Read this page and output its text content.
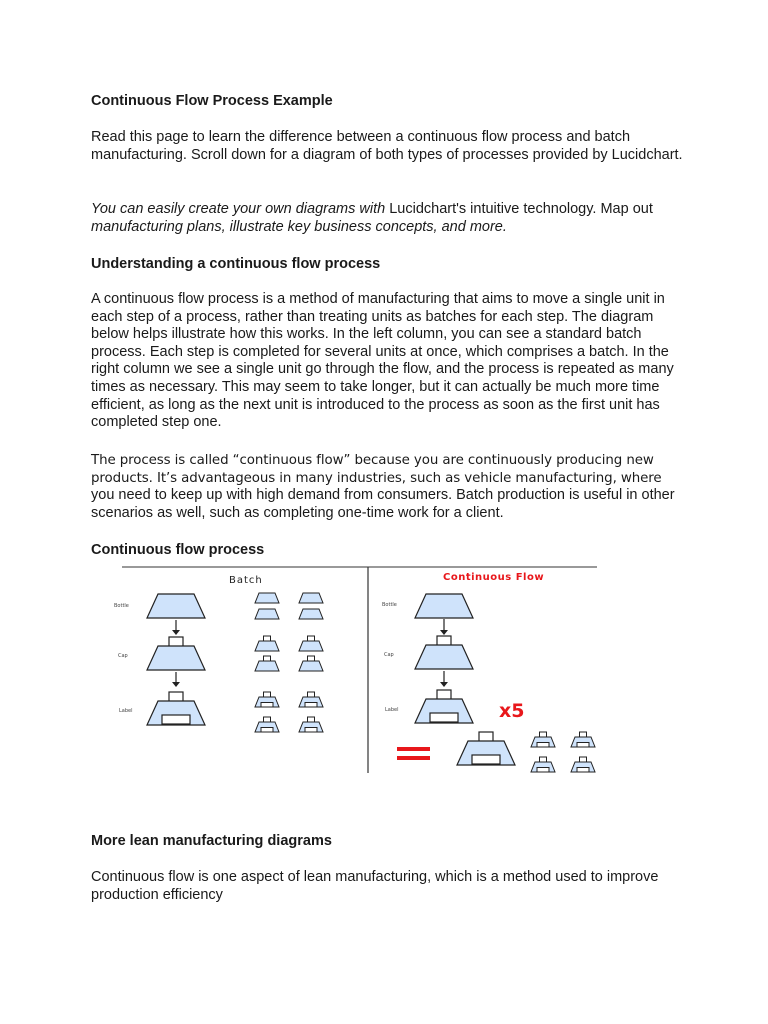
Continuous Flow Process Example

Read this page to learn the difference between a continuous flow process and batch manufacturing. Scroll down for a diagram of both types of processes provided by Lucidchart.

You can easily create your own diagrams with Lucidchart's intuitive technology. Map out
manufacturing plans, illustrate key business concepts, and more.

Understanding a continuous flow process

A continuous flow process is a method of manufacturing that aims to move a single unit in each step of a process, rather than treating units as batches for each step. The diagram below helps illustrate how this works. In the left column, you can see a standard batch process. Each step is completed for several units at once, which comprises a batch. In the right column we see a single unit go through the flow, and the process is repeated as many times as necessary. This may seem to take longer, but it can actually be much more time efficient, as long as the next unit is introduced to the process as soon as the first unit has completed step one.

The process is called “continuous flow” because you are continuously producing new
products. It’s advantageous in many industries, such as vehicle manufacturing, where
you need to keep up with high demand from consumers. Batch production is useful in other scenarios as well, such as completing one-time work for a client.

Continuous flow process

More lean manufacturing diagrams

Continuous flow is one aspect of lean manufacturing, which is a method used to improve production efficiency

Batch	Continuous Flow
Bottle
Cap
Label
Bottle
Cap
Label	x5
